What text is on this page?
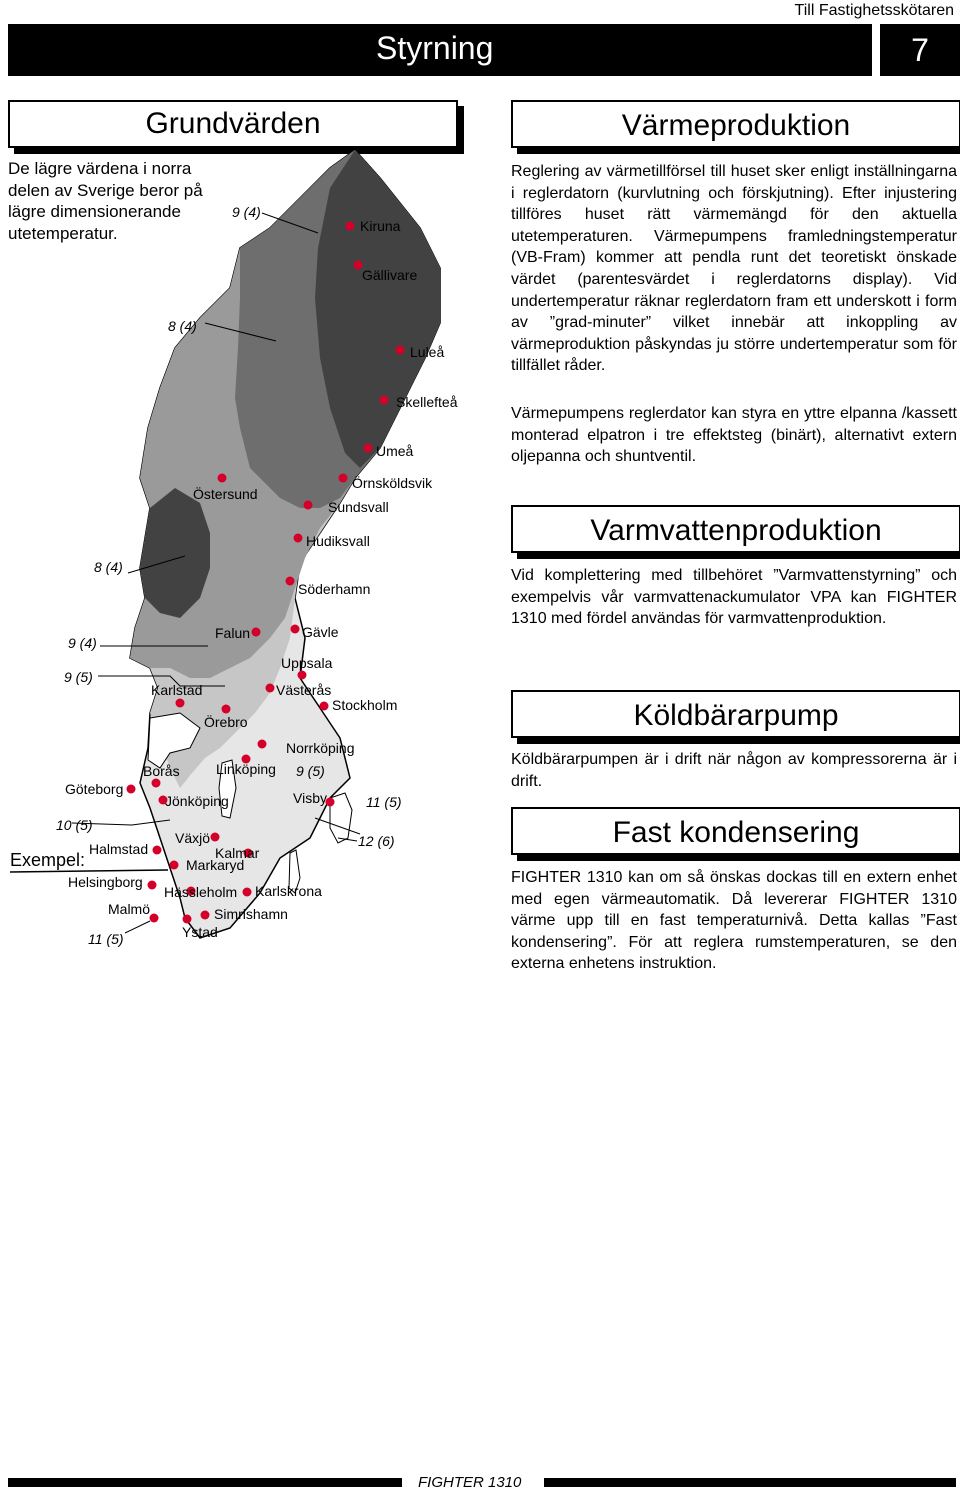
Till Fastighetsskötaren
Styrning	7
Grundvärden
De lägre värdena i norra delen av Sverige beror på lägre dimensionerande utetemperatur.	Kiruna
Gällivare
Luleå
Skellefteå
Umeå
Örnsköldsvik
Östersund
Sundsvall
Hudiksvall
Söderhamn
Falun	Gävle
Uppsala
Karlstad	Västerås
Stockholm
Örebro
Norrköping
Borås	Linköping
Göteborg
Jönköping	Visby
Växjö
Halmstad	Kalmar
Markaryd
Helsingborg
Hässleholm Karlskrona
Malmö	Simrishamn
Ystad
9 (4)
8 (4)
8 (4)
9 (4)
9 (5)
9 (5)
11 (5)
10 (5)
12 (6)
11 (5)
Exempel:
Värmeproduktion
Reglering av värmetillförsel till huset sker enligt inställningarna i reglerdatorn (kurvlutning och förskjutning). Efter injustering tillföres huset rätt värmemängd för den aktuella utetemperaturen. Värmepumpens framledningstemperatur (VB-Fram) kommer att pendla runt det teoretiskt önskade värdet (parentesvärdet i reglerdatorns display). Vid undertemperatur räknar reglerdatorn fram ett underskott i form av ”grad-minuter” vilket innebär att inkoppling av värmeproduktion påskyndas ju större undertemperatur som för tillfället råder.
Värmepumpens reglerdator kan styra en yttre elpanna /kassett monterad elpatron i tre effektsteg (binärt), alternativt extern oljepanna och shuntventil.
Varmvattenproduktion
Vid komplettering med tillbehöret ”Varmvattenstyrning” och exempelvis vår varmvattenackumulator VPA kan FIGHTER 1310 med fördel användas för varmvattenproduktion.
Köldbärarpump
Köldbärarpumpen är i drift när någon av kompressorerna är i drift.
Fast kondensering
FIGHTER 1310 kan om så önskas dockas till en extern enhet med egen värmeautomatik. Då levererar FIGHTER 1310 värme upp till en fast temperaturnivå. Detta kallas ”Fast kondensering”. För att reglera rumstemperaturen, se den externa enhetens instruktion.
FIGHTER 1310
